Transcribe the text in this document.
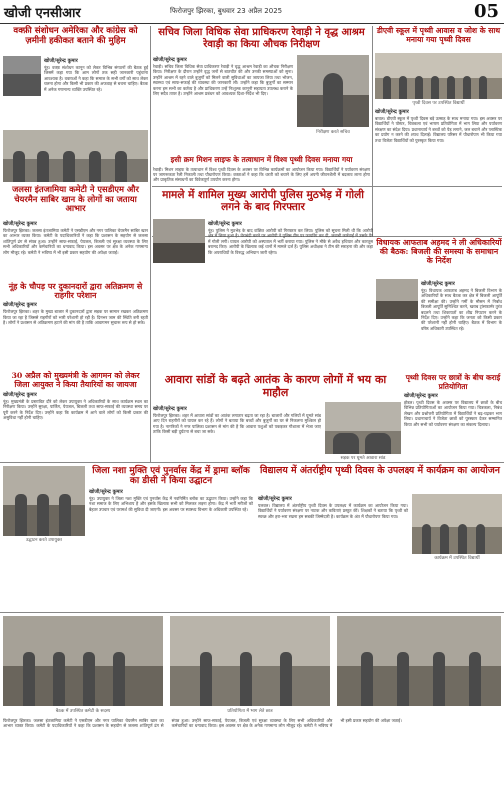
खोजी एनसीआर	फिरोजपुर झिरका, बुधवार 23 अप्रैल 2025	05
वक्फ़ी संशोधन अमेरिका और कांग्रेस को ज़मीनी हकीकत बताने की मुहिम
खोजी/सुरेन्द्र कुमार
नूंह। वक्फ़ संशोधन कानून को लेकर विभिन्न संगठनों की बैठक हुई जिसमें कहा गया कि आम लोगों तक सही जानकारी पहुंचाना आवश्यक है। वक्ताओं ने कहा कि समाज के सभी वर्गों को साथ लेकर चलना होगा और किसी भी प्रकार की अफवाह से बचना चाहिए। बैठक में अनेक गणमान्य व्यक्ति उपस्थित रहे।
जलसा इंतजामिया कमेटी ने एसडीएम और चेयरमैन साबिर खान के लोगों का जताया आभार
खोजी/सुरेन्द्र कुमार
फिरोजपुर झिरका। जलसा इंतजामिया कमेटी ने एसडीएम और नगर पालिका चेयरमैन साबिर खान का आभार व्यक्त किया। कमेटी के पदाधिकारियों ने कहा कि प्रशासन के सहयोग से जलसा शांतिपूर्ण ढंग से संपन्न हुआ। उन्होंने साफ-सफाई, पेयजल, बिजली एवं सुरक्षा व्यवस्था के लिए सभी अधिकारियों और कर्मचारियों का धन्यवाद किया। इस अवसर पर क्षेत्र के अनेक गणमान्य लोग मौजूद रहे। कमेटी ने भविष्य में भी इसी प्रकार सहयोग की अपेक्षा जताई।
नूंह के चौपड़ पर दुकानदारों द्वारा अतिक्रमण से राहगीर परेशान
खोजी/सुरेन्द्र कुमार
फिरोजपुर झिरका। शहर के मुख्य बाजार में दुकानदारों द्वारा सड़क पर सामान रखकर अतिक्रमण किया जा रहा है जिससे राहगीरों को भारी परेशानी हो रही है। दिनभर जाम की स्थिति बनी रहती है। लोगों ने प्रशासन से अतिक्रमण हटाने की मांग की है ताकि आवागमन सुचारू रूप से हो सके।
30 अप्रैल को मुख्यमंत्री के आगमन को लेकर जिला आयुक्त ने किया तैयारियों का जायजा
खोजी/सुरेन्द्र कुमार
नूंह। मुख्यमंत्री के प्रस्तावित दौरे को लेकर उपायुक्त ने अधिकारियों के साथ कार्यक्रम स्थल का निरीक्षण किया। उन्होंने सुरक्षा, पार्किंग, पेयजल, बिजली तथा साफ-सफाई की व्यवस्था समय पर पूरी करने के निर्देश दिए। उन्होंने कहा कि कार्यक्रम में आने वाले लोगों को किसी प्रकार की असुविधा नहीं होनी चाहिए।
सचिव जिला विधिक सेवा प्राधिकरण रेवाड़ी ने वृद्ध आश्रम रेवाड़ी का किया औचक निरीक्षण
खोजी/सुरेन्द्र कुमार
रेवाड़ी। सचिव जिला विधिक सेवा प्राधिकरण रेवाड़ी ने वृद्ध आश्रम रेवाड़ी का औचक निरीक्षण किया। निरीक्षण के दौरान उन्होंने वृद्ध जनों से बातचीत की और उनकी समस्याओं को सुना। उन्होंने आश्रम में रहने वाले बुजुर्गों को मिलने वाली सुविधाओं का जायजा लिया तथा भोजन, स्वास्थ्य एवं साफ-सफाई की व्यवस्था की जानकारी ली। उन्होंने कहा कि बुजुर्गों का सम्मान करना हम सभी का कर्तव्य है और प्राधिकरण उन्हें निःशुल्क कानूनी सहायता उपलब्ध कराने के लिए सदैव तत्पर है। उन्होंने आश्रम प्रबंधन को आवश्यक दिशा-निर्देश भी दिए।
निरीक्षण करते सचिव
इसी क्रम मिशन लाइफ के तत्वाधान में विश्व पृथ्वी दिवस मनाया गया
रेवाड़ी। मिशन लाइफ के तत्वाधान में विश्व पृथ्वी दिवस के अवसर पर विभिन्न कार्यक्रमों का आयोजन किया गया। विद्यार्थियों ने पर्यावरण संरक्षण पर जागरूकता रैली निकाली तथा पौधारोपण किया। वक्ताओं ने कहा कि धरती को बचाने के लिए हमें अपनी जीवनशैली में बदलाव लाना होगा और प्राकृतिक संसाधनों का विवेकपूर्ण उपयोग करना होगा।
डीएवी स्कूल में पृथ्वी आवास व जोश के साथ मनाया गया पृथ्वी दिवस
पृथ्वी दिवस पर उपस्थित विद्यार्थी
खोजी/सुरेन्द्र कुमार
बावल। डीएवी स्कूल में पृथ्वी दिवस बड़े उत्साह के साथ मनाया गया। इस अवसर पर विद्यार्थियों ने पोस्टर, चित्रकला एवं भाषण प्रतियोगिता में भाग लिया और पर्यावरण संरक्षण का संदेश दिया। प्रधानाचार्य ने बच्चों को पेड़ लगाने, जल बचाने और प्लास्टिक का प्रयोग न करने की शपथ दिलाई। विद्यालय परिसर में पौधारोपण भी किया गया तथा विजेता विद्यार्थियों को पुरस्कृत किया गया।
मामले में शामिल मुख्य आरोपी पुलिस मुठभेड़ में गोली लगने के बाद गिरफ्तार
खोजी/सुरेन्द्र कुमार
नूंह। पुलिस ने मुठभेड़ के बाद वांछित आरोपी को गिरफ्तार कर लिया। पुलिस को सूचना मिली थी कि आरोपी क्षेत्र में छिपा हुआ है। घेराबंदी करने पर आरोपी ने पुलिस टीम पर फायरिंग कर दी, जवाबी कार्रवाई में उसके पैर में गोली लगी। घायल आरोपी को अस्पताल में भर्ती कराया गया। पुलिस ने मौके से अवैध हथियार और कारतूस बरामद किए। आरोपी के खिलाफ कई थानों में मामले दर्ज हैं। पुलिस अधीक्षक ने टीम की सराहना की और कहा कि अपराधियों के विरुद्ध अभियान जारी रहेगा।
विधायक आफताब अहमद ने ली अधिकारियों की बैठक: बिजली की समस्या के समाधान के निर्देश
खोजी/सुरेन्द्र कुमार
नूंह। विधायक आफताब अहमद ने बिजली विभाग के अधिकारियों के साथ बैठक कर क्षेत्र में बिजली आपूर्ति की समीक्षा की। उन्होंने गर्मी के मौसम में निर्बाध बिजली आपूर्ति सुनिश्चित करने, खराब ट्रांसफार्मर तुरंत बदलने तथा शिकायतों का शीघ्र निपटान करने के निर्देश दिए। उन्होंने कहा कि जनता को किसी प्रकार की परेशानी नहीं होनी चाहिए। बैठक में विभाग के वरिष्ठ अधिकारी उपस्थित रहे।
आवारा सांडों के बढ़ते आतंक के कारण लोगों में भय का माहौल
खोजी/सुरेन्द्र कुमार
फिरोजपुर झिरका। शहर में आवारा सांडों का आतंक लगातार बढ़ता जा रहा है। बाजारों और गलियों में घूमते सांड आए दिन राहगीरों को घायल कर रहे हैं। लोगों ने बताया कि बच्चों और बुजुर्गों का घर से निकलना मुश्किल हो गया है। नागरिकों ने नगर पालिका प्रशासन से मांग की है कि आवारा पशुओं को पकड़कर गौशाला में भेजा जाए ताकि किसी बड़ी दुर्घटना से बचा जा सके।
सड़क पर घूमते आवारा सांड
पृथ्वी दिवस पर छात्रों के बीच कराई प्रतियोगिता
खोजी/सुरेन्द्र कुमार
होडल। पृथ्वी दिवस के अवसर पर विद्यालय में छात्रों के बीच विभिन्न प्रतियोगिताओं का आयोजन किया गया। चित्रकला, निबंध लेखन और प्रश्नोत्तरी प्रतियोगिता में विद्यार्थियों ने बढ़-चढ़कर भाग लिया। प्रधानाचार्य ने विजेता छात्रों को पुरस्कार देकर सम्मानित किया और सभी को पर्यावरण संरक्षण का संकल्प दिलाया।
उद्घाटन करते उपायुक्त
जिला नशा मुक्ति एवं पुनर्वास केंद्र में ड्रामा ब्लॉक का डीसी ने किया उद्घाटन
खोजी/सुरेन्द्र कुमार
नूंह। उपायुक्त ने जिला नशा मुक्ति एवं पुनर्वास केंद्र में नवनिर्मित ब्लॉक का उद्घाटन किया। उन्होंने कहा कि नशा समाज के लिए अभिशाप है और इसके खिलाफ सभी को मिलकर लड़ना होगा। केंद्र में भर्ती मरीजों को बेहतर उपचार एवं परामर्श की सुविधा दी जाएगी। इस अवसर पर स्वास्थ्य विभाग के अधिकारी उपस्थित रहे।
विद्यालय में अंतर्राष्ट्रीय पृथ्वी दिवस के उपलक्ष्य में कार्यक्रम का आयोजन
खोजी/सुरेन्द्र कुमार
पलवल। विद्यालय में अंतर्राष्ट्रीय पृथ्वी दिवस के उपलक्ष्य में कार्यक्रम का आयोजन किया गया। विद्यार्थियों ने पर्यावरण संरक्षण पर नाटक और कविताएं प्रस्तुत कीं। शिक्षकों ने बताया कि पृथ्वी को स्वच्छ और हरा-भरा रखना हम सबकी जिम्मेदारी है। कार्यक्रम के अंत में पौधारोपण किया गया।
कार्यक्रम में उपस्थित विद्यार्थी
बैठक में उपस्थित कमेटी के सदस्य	प्रतियोगिता में भाग लेते छात्र
फिरोजपुर झिरका। जलसा इंतजामिया कमेटी ने एसडीएम और नगर पालिका चेयरमैन साबिर खान का आभार व्यक्त किया। कमेटी के पदाधिकारियों ने कहा कि प्रशासन के सहयोग से जलसा शांतिपूर्ण ढंग से संपन्न हुआ। उन्होंने साफ-सफाई, पेयजल, बिजली एवं सुरक्षा व्यवस्था के लिए सभी अधिकारियों और कर्मचारियों का धन्यवाद किया। इस अवसर पर क्षेत्र के अनेक गणमान्य लोग मौजूद रहे। कमेटी ने भविष्य में भी इसी प्रकार सहयोग की अपेक्षा जताई।
